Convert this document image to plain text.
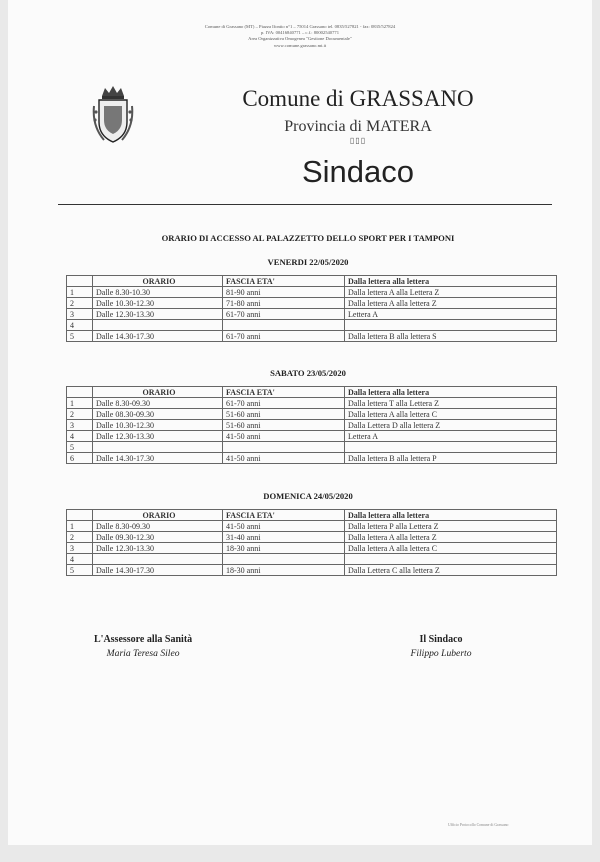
Comune di Grassano (MT) – Piazza Ifontio n°1 – 75014 Grassano tel. 0835/527821 - fax: 0835/527824
p. IVA: 00416840771 – c.f.: 80002540771
Area Organizzativa Omogenea "Gestione Documentale"
www.comune.grassano.mt.it
Comune di GRASSANO
Provincia di MATERA
▯▯▯
Sindaco
ORARIO DI ACCESSO AL PALAZZETTO DELLO SPORT PER I TAMPONI
VENERDI 22/05/2020
	ORARIO	FASCIA ETA'	Dalla lettera alla lettera
1	Dalle 8.30-10.30	81-90 anni	Dalla lettera A alla Lettera Z
2	Dalle 10.30-12.30	71-80 anni	Dalla lettera A alla lettera Z
3	Dalle 12.30-13.30	61-70 anni	Lettera A
4			
5	Dalle 14.30-17.30	61-70 anni	Dalla lettera B alla lettera S
SABATO 23/05/2020
	ORARIO	FASCIA ETA'	Dalla lettera alla lettera
1	Dalle 8.30-09.30	61-70 anni	Dalla lettera T alla Lettera Z
2	Dalle 08.30-09.30	51-60 anni	Dalla lettera A alla lettera C
3	Dalle 10.30-12.30	51-60 anni	Dalla Lettera D alla lettera Z
4	Dalle 12.30-13.30	41-50 anni	Lettera A
5			
6	Dalle 14.30-17.30	41-50 anni	Dalla lettera B alla lettera P
DOMENICA 24/05/2020
	ORARIO	FASCIA ETA'	Dalla lettera alla lettera
1	Dalle 8.30-09.30	41-50 anni	Dalla lettera P alla Lettera Z
2	Dalle 09.30-12.30	31-40 anni	Dalla lettera A alla lettera Z
3	Dalle 12.30-13.30	18-30 anni	Dalla lettera A alla lettera C
4			
5	Dalle 14.30-17.30	18-30 anni	Dalla Lettera C alla lettera Z
L'Assessore alla Sanità
Maria Teresa Sileo
Il Sindaco
Filippo Luberto
Ufficio Protocollo Comune di Grassano
